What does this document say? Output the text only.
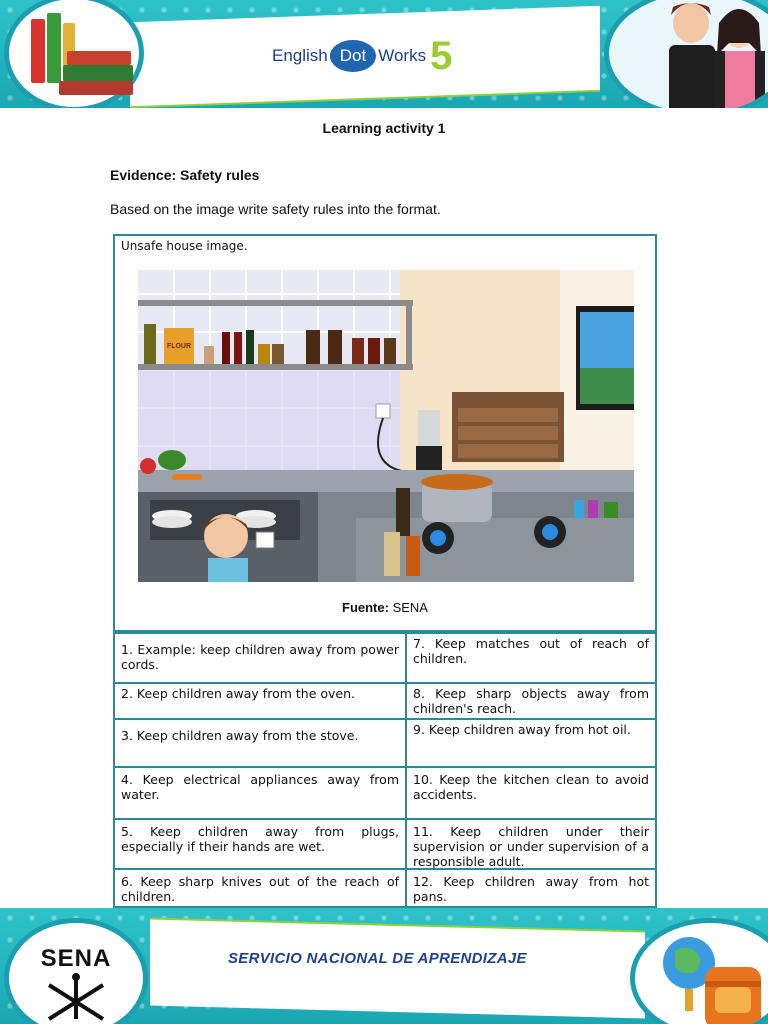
English Dot Works 5
Learning activity 1
Evidence: Safety rules
Based on the image write safety rules into the format.
Unsafe house image.
FLOUR
Fuente: SENA
1. Example: keep children away from power cords.
2. Keep children away from the oven.
3. Keep children away from the stove.
4. Keep electrical appliances away from water.
5. Keep children away from plugs, especially if their hands are wet.
6. Keep sharp knives out of the reach of children.
7. Keep matches out of reach of children.
8. Keep sharp objects away from children's reach.
9. Keep children away from hot oil.
10. Keep the kitchen clean to avoid accidents.
11. Keep children under their supervision or under supervision of a responsible adult.
12. Keep children away from hot pans.
SENA	SERVICIO NACIONAL DE APRENDIZAJE
